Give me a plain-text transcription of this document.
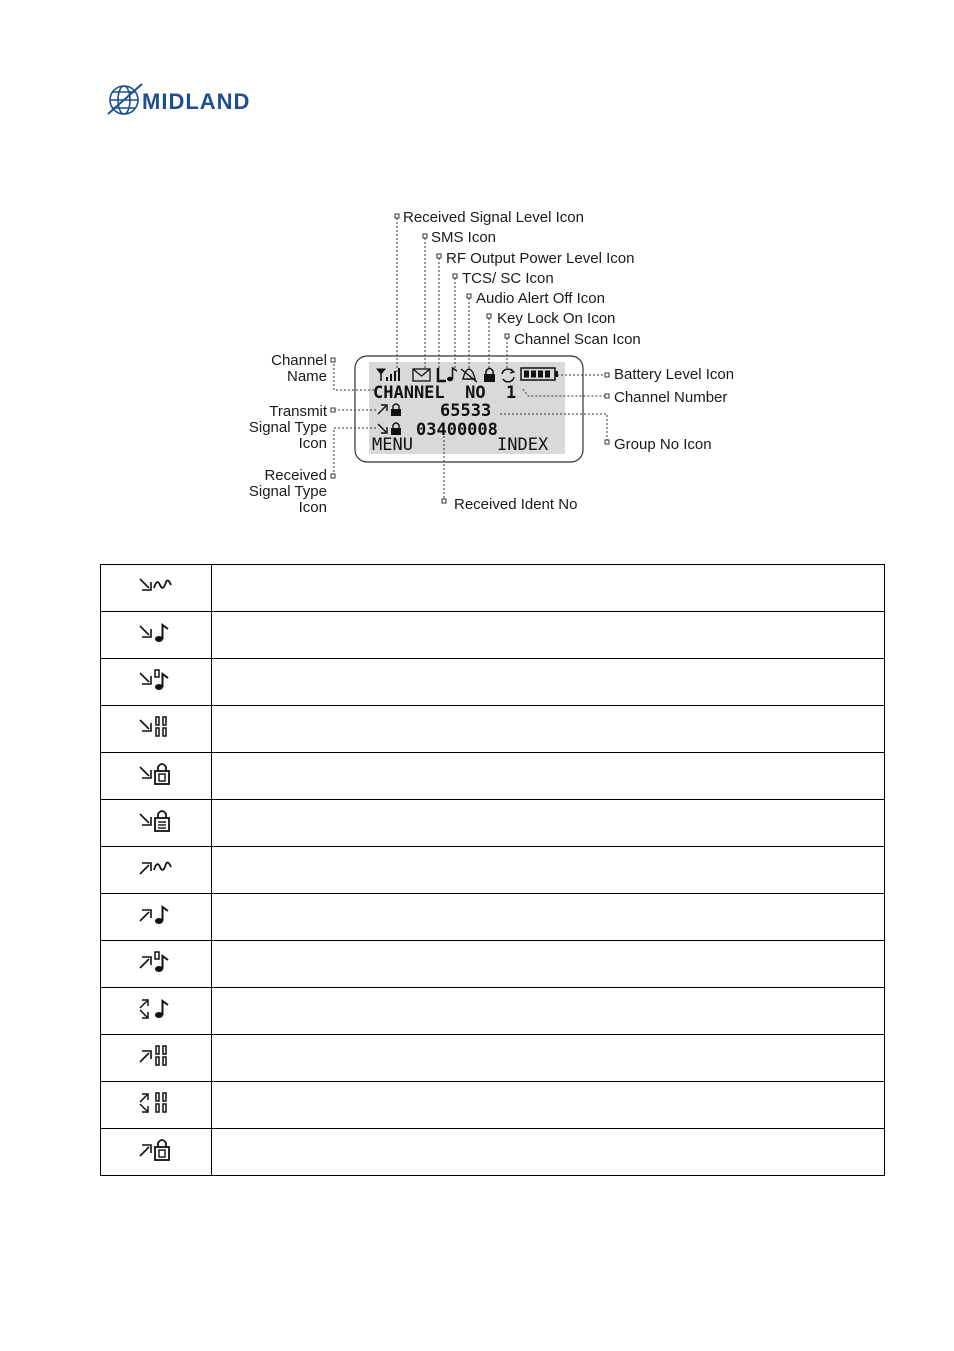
MIDLAND
CHANNEL  NO  1
65533
03400008
MENU	INDEX
Received Signal Level Icon
SMS Icon
RF Output Power Level Icon
TCS/ SC Icon
Audio Alert Off Icon
Key Lock On Icon
Channel Scan Icon
Battery Level Icon
Channel Number
Group No Icon
Received Ident No
Channel
Name
Transmit
Signal Type
Icon
Received
Signal Type
Icon
